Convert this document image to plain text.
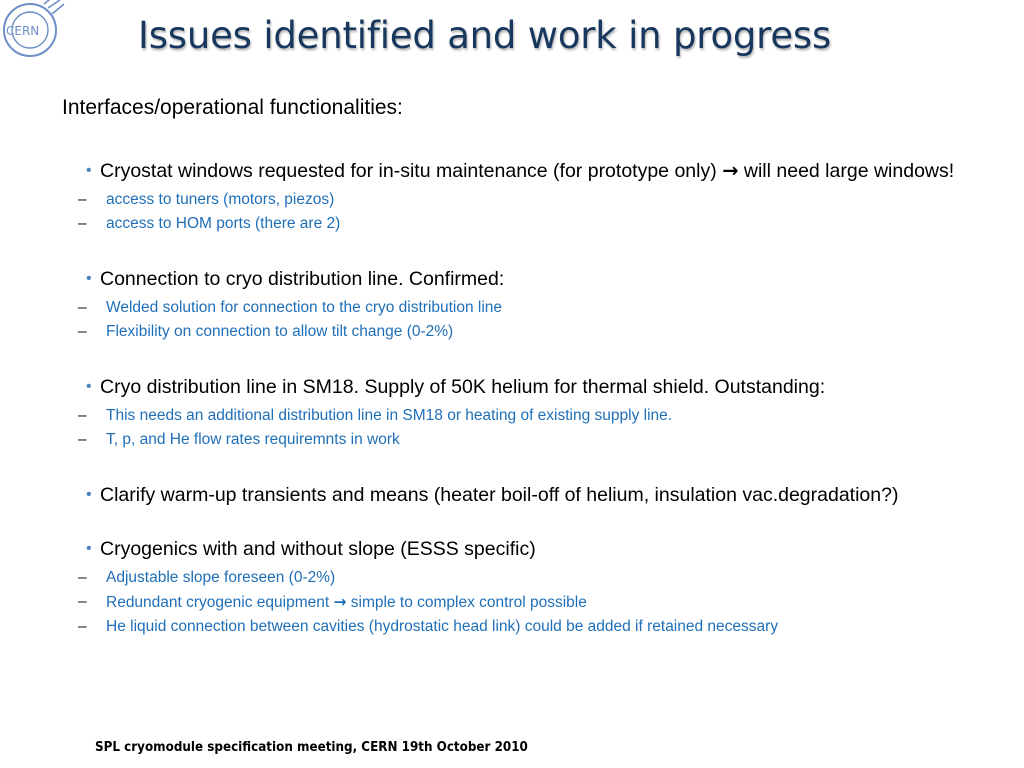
CERN	Issues identified and work in progress
Interfaces/operational functionalities:
• Cryostat windows requested for in-situ maintenance (for prototype only) → will need large windows!
– access to tuners (motors, piezos)
– access to HOM ports (there are 2)
• Connection to cryo distribution line. Confirmed:
– Welded solution for connection to the cryo distribution line
– Flexibility on connection to allow tilt change (0-2%)
• Cryo distribution line in SM18. Supply of 50K helium for thermal shield. Outstanding:
– This needs an additional distribution line in SM18 or heating of existing supply line.
– T, p, and He flow rates requiremnts in work
• Clarify warm-up transients and means (heater boil-off of helium, insulation vac.degradation?)
• Cryogenics with and without slope (ESSS specific)
– Adjustable slope foreseen (0-2%)
– Redundant cryogenic equipment → simple to complex control possible
– He liquid connection between cavities (hydrostatic head link) could be added if retained necessary
SPL cryomodule specification meeting, CERN 19th October 2010
